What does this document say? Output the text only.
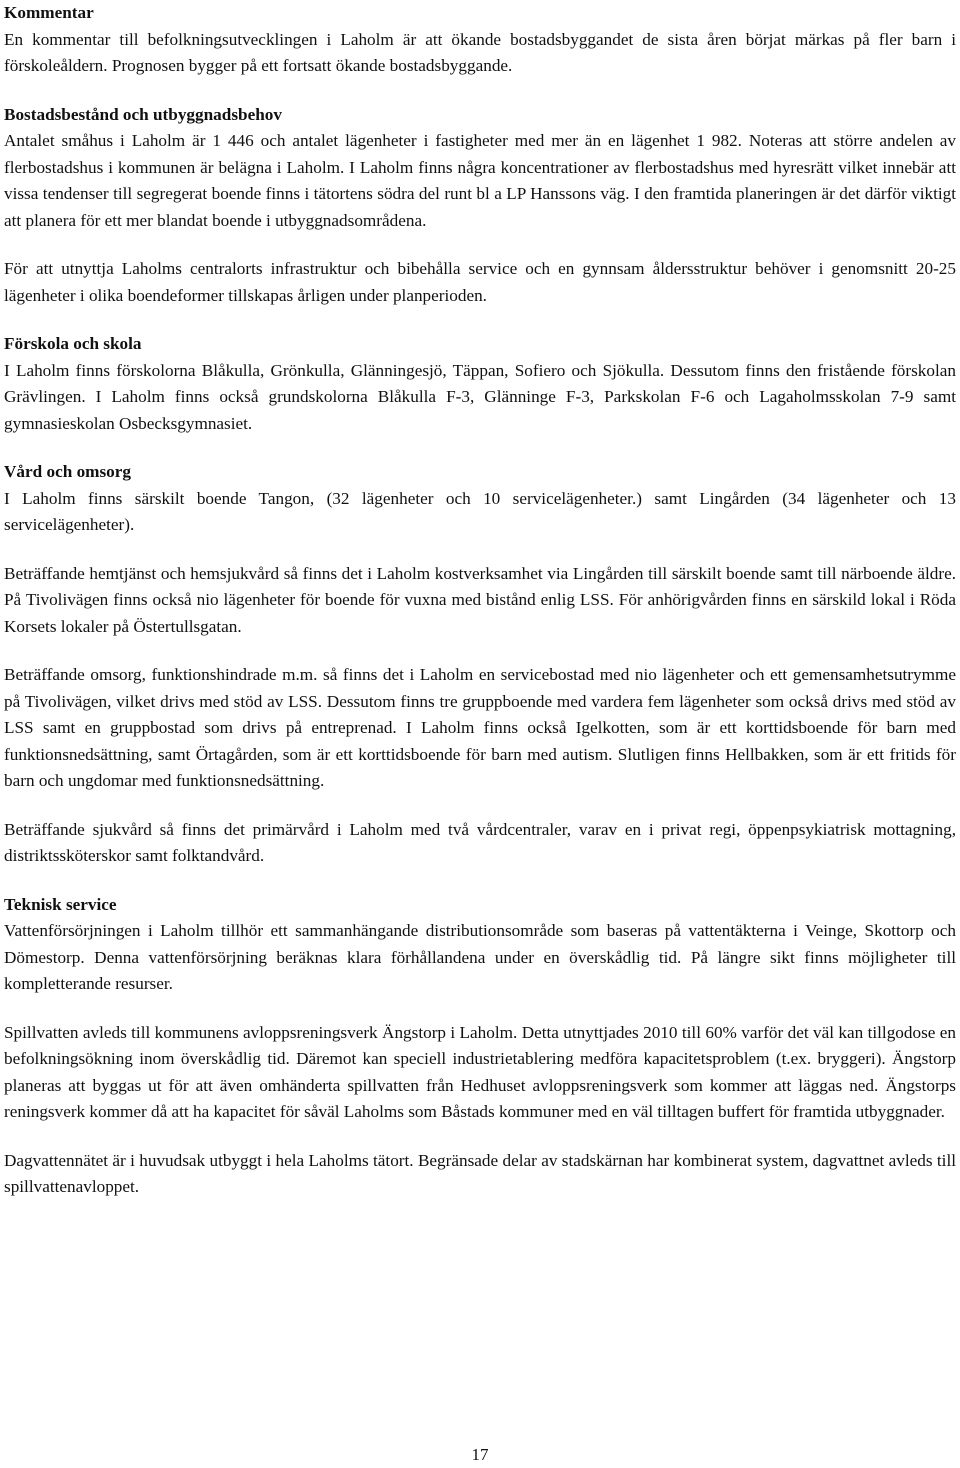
Kommentar

En kommentar till befolkningsutvecklingen i Laholm är att ökande bostadsbyggandet de sista åren börjat märkas på fler barn i förskoleåldern. Prognosen bygger på ett fortsatt ökande bostadsbyggande.

Bostadsbestånd och utbyggnadsbehov

Antalet småhus i Laholm är 1 446 och antalet lägenheter i fastigheter med mer än en lägenhet 1 982. Noteras att större andelen av flerbostadshus i kommunen är belägna i Laholm. I Laholm finns några koncentrationer av flerbostadshus med hyresrätt vilket innebär att vissa tendenser till segregerat boende finns i tätortens södra del runt bl a LP Hanssons väg. I den framtida planeringen är det därför viktigt att planera för ett mer blandat boende i utbyggnadsområdena.

För att utnyttja Laholms centralorts infrastruktur och bibehålla service och en gynnsam åldersstruktur behöver i genomsnitt 20-25 lägenheter i olika boendeformer tillskapas årligen under planperioden.

Förskola och skola

I Laholm finns förskolorna Blåkulla, Grönkulla, Glänningesjö, Täppan, Sofiero och Sjökulla. Dessutom finns den fristående förskolan Grävlingen. I Laholm finns också grundskolorna Blåkulla F-3, Glänninge F-3, Parkskolan F-6 och Lagaholmsskolan 7-9 samt gymnasieskolan Osbecksgymnasiet.

Vård och omsorg

I Laholm finns särskilt boende Tangon, (32 lägenheter och 10 servicelägenheter.) samt Lingården (34 lägenheter och 13 servicelägenheter).

Beträffande hemtjänst och hemsjukvård så finns det i Laholm kostverksamhet via Lingården till särskilt boende samt till närboende äldre. På Tivolivägen finns också nio lägenheter för boende för vuxna med bistånd enlig LSS. För anhörigvården finns en särskild lokal i Röda Korsets lokaler på Östertullsgatan.

Beträffande omsorg, funktionshindrade m.m. så finns det i Laholm en servicebostad med nio lägenheter och ett gemensamhetsutrymme på Tivolivägen, vilket drivs med stöd av LSS. Dessutom finns tre gruppboende med vardera fem lägenheter som också drivs med stöd av LSS samt en gruppbostad som drivs på entreprenad. I Laholm finns också Igelkotten, som är ett korttidsboende för barn med funktionsnedsättning, samt Örtagården, som är ett korttidsboende för barn med autism. Slutligen finns Hellbakken, som är ett fritids för barn och ungdomar med funktionsnedsättning.

Beträffande sjukvård så finns det primärvård i Laholm med två vårdcentraler, varav en i privat regi, öppenpsykiatrisk mottagning, distriktssköterskor samt folktandvård.

Teknisk service

Vattenförsörjningen i Laholm tillhör ett sammanhängande distributionsområde som baseras på vattentäkterna i Veinge, Skottorp och Dömestorp. Denna vattenförsörjning beräknas klara förhållandena under en överskådlig tid. På längre sikt finns möjligheter till kompletterande resurser.

Spillvatten avleds till kommunens avloppsreningsverk Ängstorp i Laholm. Detta utnyttjades 2010 till 60% varför det väl kan tillgodose en befolkningsökning inom överskådlig tid. Däremot kan speciell industrietablering medföra kapacitetsproblem (t.ex. bryggeri). Ängstorp planeras att byggas ut för att även omhänderta spillvatten från Hedhuset avloppsreningsverk som kommer att läggas ned. Ängstorps reningsverk kommer då att ha kapacitet för såväl Laholms som Båstads kommuner med en väl tilltagen buffert för framtida utbyggnader.

Dagvattennätet är i huvudsak utbyggt i hela Laholms tätort. Begränsade delar av stadskärnan har kombinerat system, dagvattnet avleds till spillvattenavloppet.

17
